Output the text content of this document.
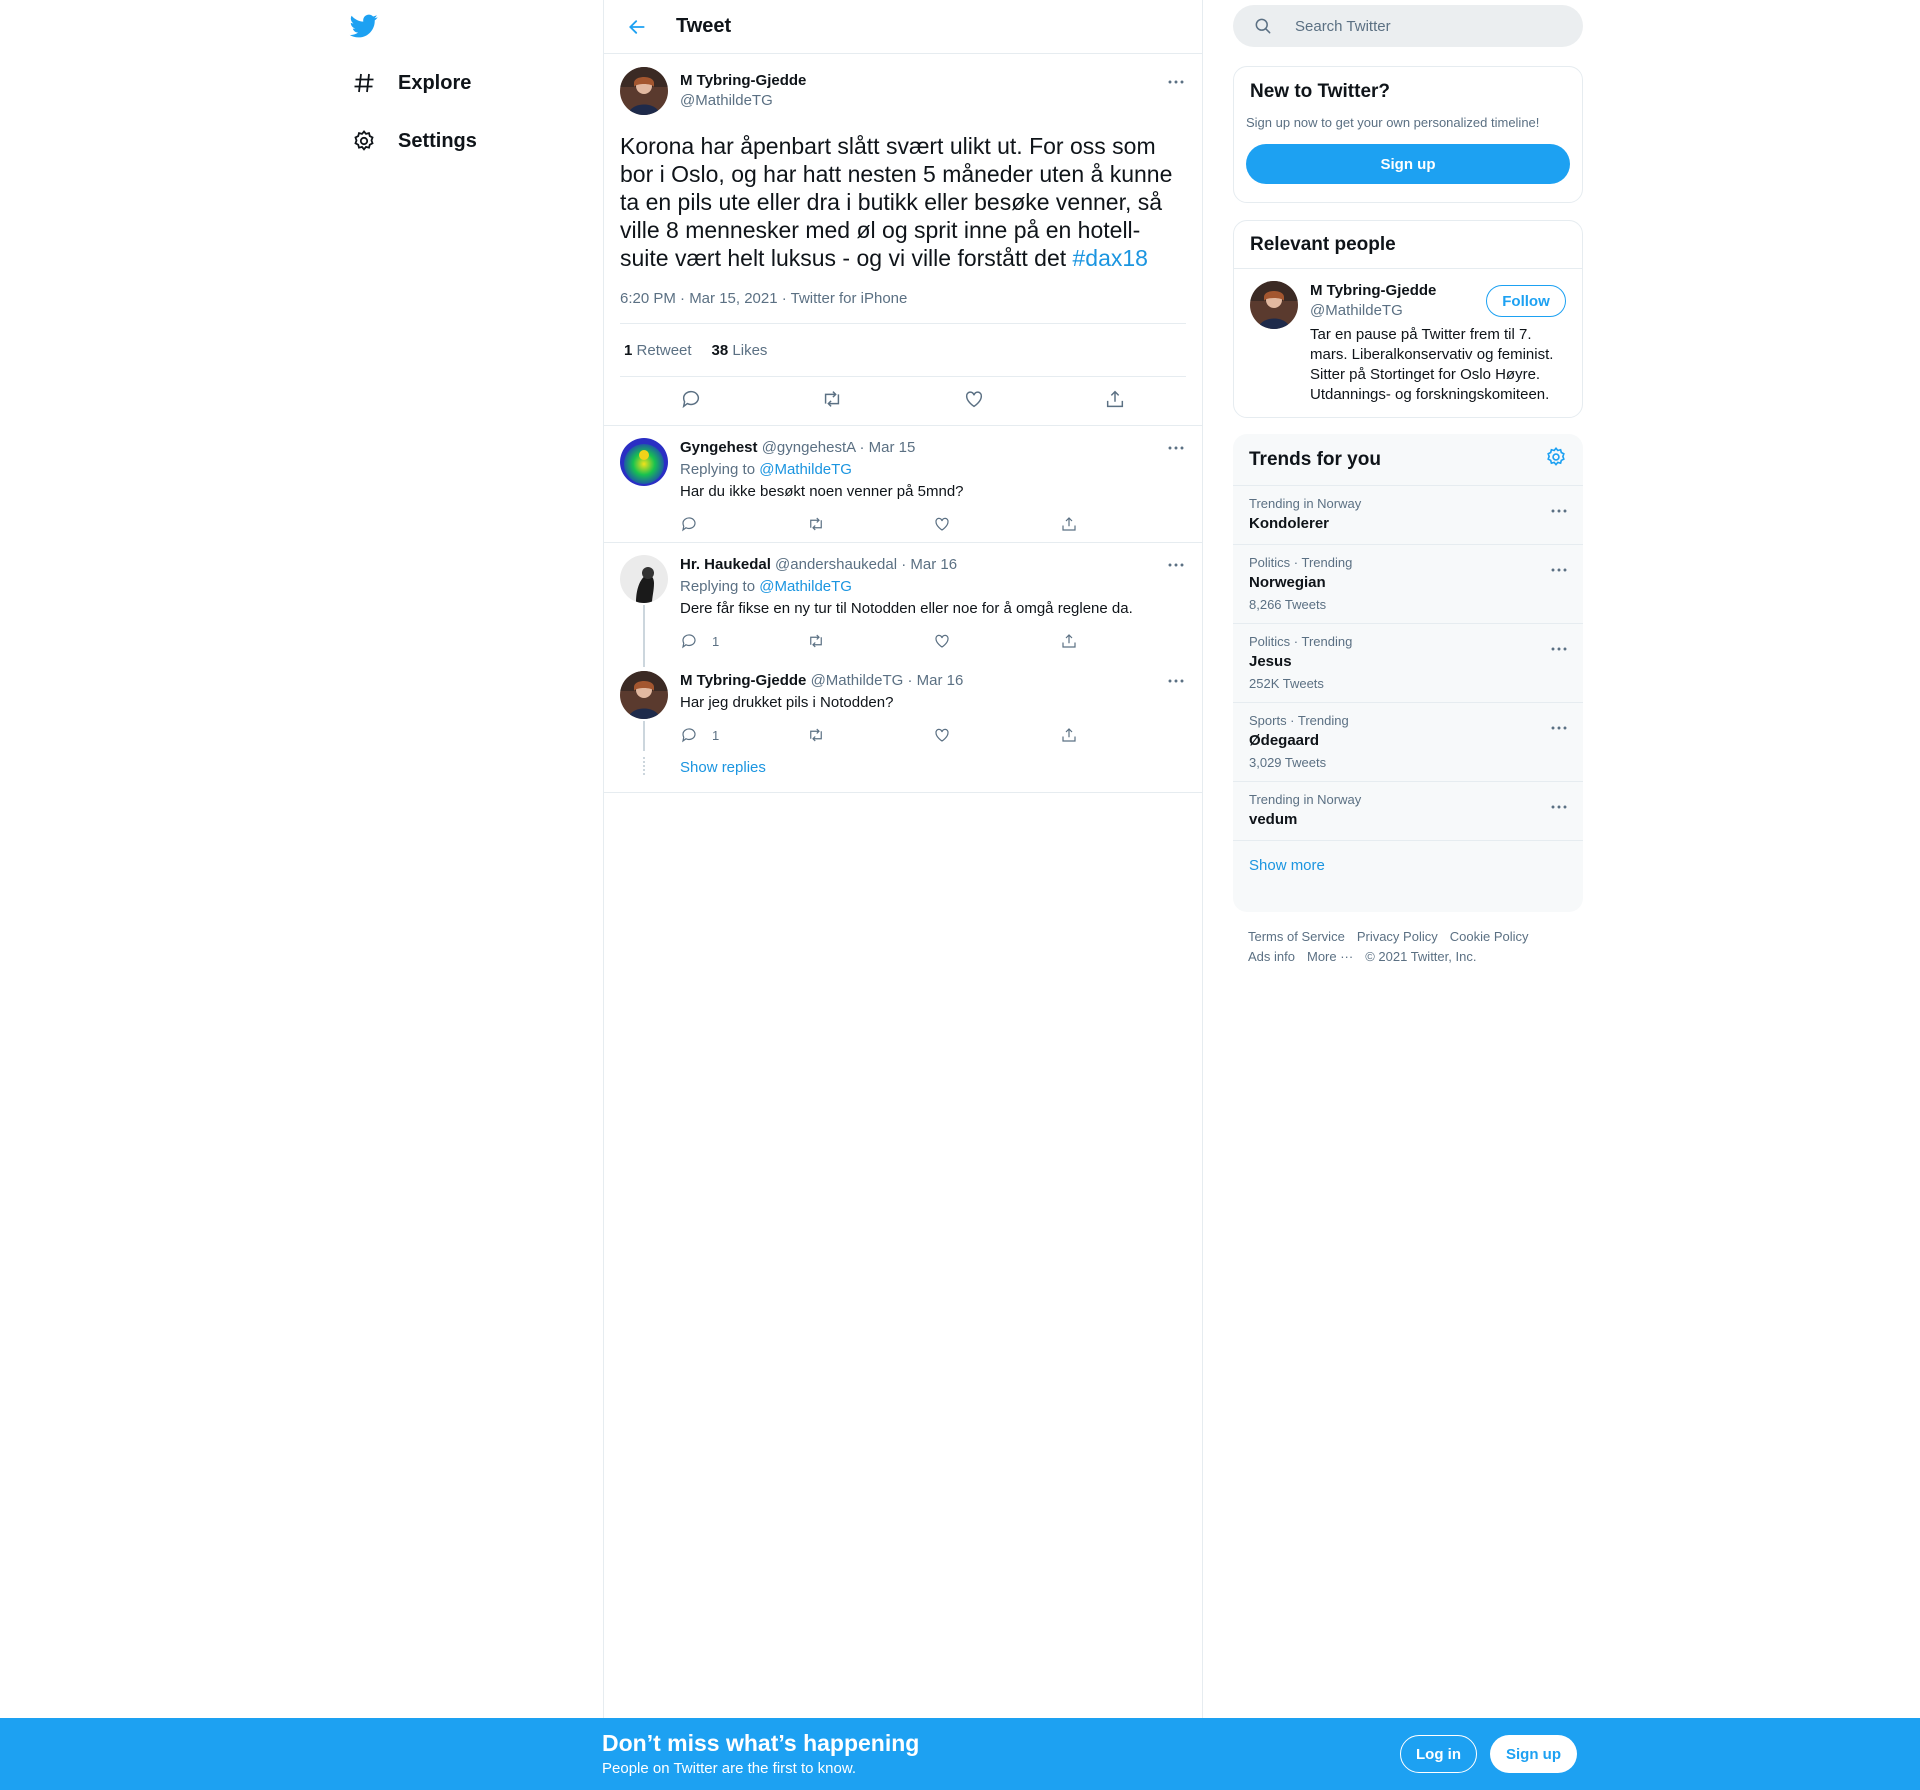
Explore
Settings
Tweet
M Tybring-Gjedde
@MathildeTG
Korona har åpenbart slått svært ulikt ut. For oss som bor i Oslo, og har hatt nesten 5 måneder uten å kunne ta en pils ute eller dra i butikk eller besøke venner, så ville 8 mennesker med øl og sprit inne på en hotell-suite vært helt luksus - og vi ville forstått det #dax18
6:20 PM · Mar 15, 2021 · Twitter for iPhone
1 Retweet 38 Likes
Gyngehest @gyngehestA · Mar 15
Replying to @MathildeTG
Har du ikke besøkt noen venner på 5mnd?
Hr. Haukedal @andershaukedal · Mar 16
Replying to @MathildeTG
Dere får fikse en ny tur til Notodden eller noe for å omgå reglene da.
1
M Tybring-Gjedde @MathildeTG · Mar 16
Har jeg drukket pils i Notodden?
1
Show replies
Search Twitter
New to Twitter?
Sign up now to get your own personalized timeline!
Sign up
Relevant people
M Tybring-Gjedde
@MathildeTG
Tar en pause på Twitter frem til 7. mars. Liberalkonservativ og feminist. Sitter på Stortinget for Oslo Høyre. Utdannings- og forskningskomiteen.
Follow
Trends for you
Trending in Norway
Kondolerer
Politics · Trending
Norwegian
8,266 Tweets
Politics · Trending
Jesus
252K Tweets
Sports · Trending
Ødegaard
3,029 Tweets
Trending in Norway
vedum
Show more
Terms of Service Privacy Policy Cookie Policy
Ads info More ··· © 2021 Twitter, Inc.
Don’t miss what’s happening
People on Twitter are the first to know.
Log in	Sign up
